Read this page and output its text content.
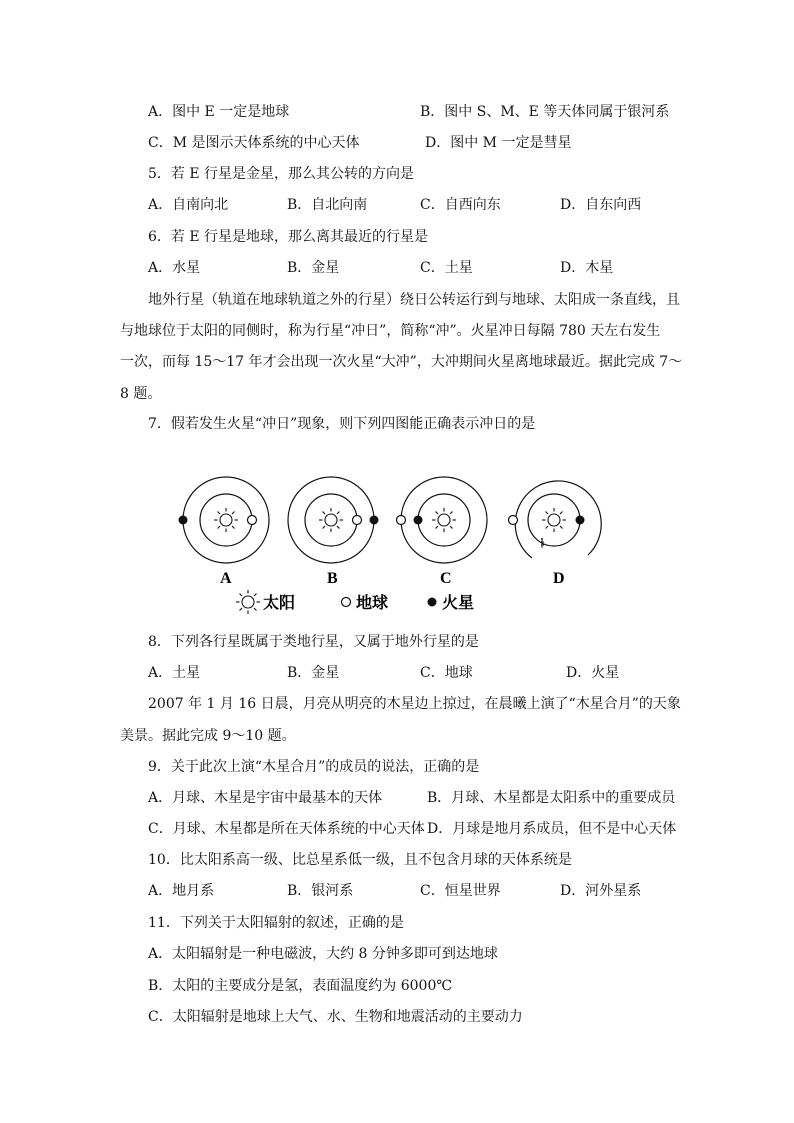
A．图中 E 一定是地球	B．图中 S、M、E 等天体同属于银河系
C．M 是图示天体系统的中心天体	D．图中 M 一定是彗星
5．若 E 行星是金星，那么其公转的方向是
A．自南向北	B．自北向南	C．自西向东	D．自东向西
6．若 E 行星是地球，那么离其最近的行星是
A．水星	B．金星	C．土星	D．木星
地外行星（轨道在地球轨道之外的行星）绕日公转运行到与地球、太阳成一条直线，且
与地球位于太阳的同侧时，称为行星“冲日”，简称“冲”。火星冲日每隔 780 天左右发生
一次，而每 15～17 年才会出现一次火星“大冲”，大冲期间火星离地球最近。据此完成 7～
8 题。
7．假若发生火星“冲日”现象，则下列四图能正确表示冲日的是
A	B	C	D
太阳	地球	火星
8．下列各行星既属于类地行星，又属于地外行星的是
A．土星	B．金星	C．地球	D．火星
2007 年 1 月 16 日晨，月亮从明亮的木星边上掠过，在晨曦上演了“木星合月”的天象
美景。据此完成 9～10 题。
9．关于此次上演“木星合月”的成员的说法，正确的是
A．月球、木星是宇宙中最基本的天体	B．月球、木星都是太阳系中的重要成员
C．月球、木星都是所在天体系统的中心天体 D．月球是地月系成员，但不是中心天体
10．比太阳系高一级、比总星系低一级，且不包含月球的天体系统是
A．地月系	B．银河系	C．恒星世界	D．河外星系
11．下列关于太阳辐射的叙述，正确的是
A．太阳辐射是一种电磁波，大约 8 分钟多即可到达地球
B．太阳的主要成分是氢，表面温度约为 6000℃
C．太阳辐射是地球上大气、水、生物和地震活动的主要动力
